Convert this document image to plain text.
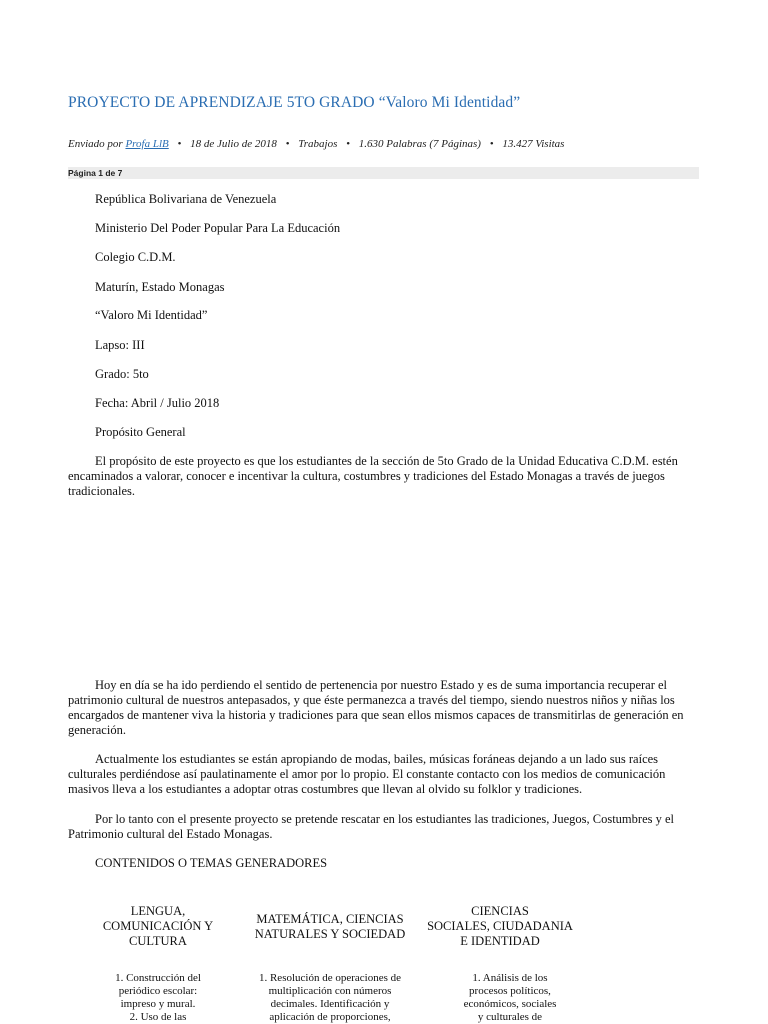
PROYECTO DE APRENDIZAJE 5TO GRADO “Valoro Mi Identidad”
Enviado por Profa LlB • 18 de Julio de 2018 • Trabajos • 1.630 Palabras (7 Páginas) • 13.427 Visitas
Página 1 de 7
República Bolivariana de Venezuela
Ministerio Del Poder Popular Para La Educación
Colegio C.D.M.
Maturín, Estado Monagas
“Valoro Mi Identidad”
Lapso: III
Grado: 5to
Fecha: Abril / Julio 2018
Propósito General

El propósito de este proyecto es que los estudiantes de la sección de 5to Grado de la Unidad Educativa C.D.M. estén encaminados a valorar, conocer e incentivar la cultura, costumbres y tradiciones del Estado Monagas a través de juegos tradicionales.

Hoy en día se ha ido perdiendo el sentido de pertenencia por nuestro Estado y es de suma importancia recuperar el patrimonio cultural de nuestros antepasados, y que éste permanezca a través del tiempo, siendo nuestros niños y niñas los encargados de mantener viva la historia y tradiciones para que sean ellos mismos capaces de transmitirlas de generación en generación.

Actualmente los estudiantes se están apropiando de modas, bailes, músicas foráneas dejando a un lado sus raíces culturales perdiéndose así paulatinamente el amor por lo propio. El constante contacto con los medios de comunicación masivos lleva a los estudiantes a adoptar otras costumbres que llevan al olvido su folklor y tradiciones.

Por lo tanto con el presente proyecto se pretende rescatar en los estudiantes las tradiciones, Juegos, Costumbres y el Patrimonio cultural del Estado Monagas.

CONTENIDOS O TEMAS GENERADORES
LENGUA,
COMUNICACIÓN Y
CULTURA
MATEMÁTICA, CIENCIAS
NATURALES Y SOCIEDAD
CIENCIAS
SOCIALES, CIUDADANIA
E IDENTIDAD
1. Construcción del
periódico escolar:
impreso y mural.
2. Uso de las
1. Resolución de operaciones de
multiplicación con números
decimales. Identificación y
aplicación de proporciones,
1. Análisis de los
procesos políticos,
económicos, sociales
y culturales de
